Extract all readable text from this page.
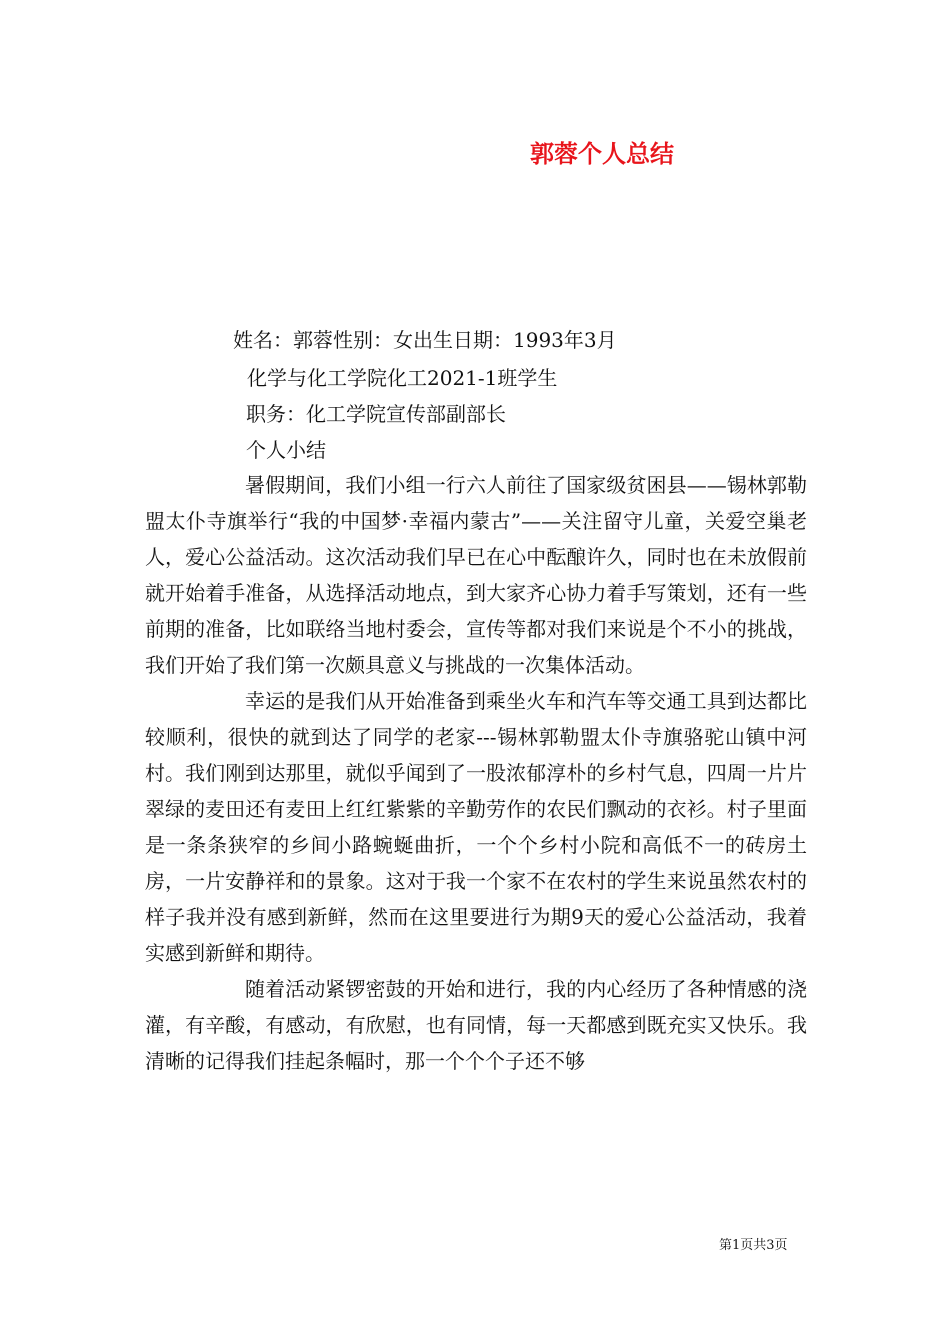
郭蓉个人总结
姓名：郭蓉性别：女出生日期：1993年3月
化学与化工学院化工2021-1班学生
职务：化工学院宣传部副部长
个人小结

暑假期间，我们小组一行六人前往了国家级贫困县——锡林郭勒盟太仆寺旗举行“我的中国梦·幸福内蒙古”——关注留守儿童，关爱空巢老人，爱心公益活动。这次活动我们早已在心中酝酿许久，同时也在未放假前就开始着手准备，从选择活动地点，到大家齐心协力着手写策划，还有一些前期的准备，比如联络当地村委会，宣传等都对我们来说是个不小的挑战，我们开始了我们第一次颇具意义与挑战的一次集体活动。

幸运的是我们从开始准备到乘坐火车和汽车等交通工具到达都比较顺利，很快的就到达了同学的老家---锡林郭勒盟太仆寺旗骆驼山镇中河村。我们刚到达那里，就似乎闻到了一股浓郁淳朴的乡村气息，四周一片片翠绿的麦田还有麦田上红红紫紫的辛勤劳作的农民们飘动的衣衫。村子里面是一条条狭窄的乡间小路蜿蜒曲折，一个个乡村小院和高低不一的砖房土房，一片安静祥和的景象。这对于我一个家不在农村的学生来说虽然农村的样子我并没有感到新鲜，然而在这里要进行为期9天的爱心公益活动，我着实感到新鲜和期待。

随着活动紧锣密鼓的开始和进行，我的内心经历了各种情感的浇灌，有辛酸，有感动，有欣慰，也有同情，每一天都感到既充实又快乐。我清晰的记得我们挂起条幅时，那一个个个子还不够

第1页共3页
